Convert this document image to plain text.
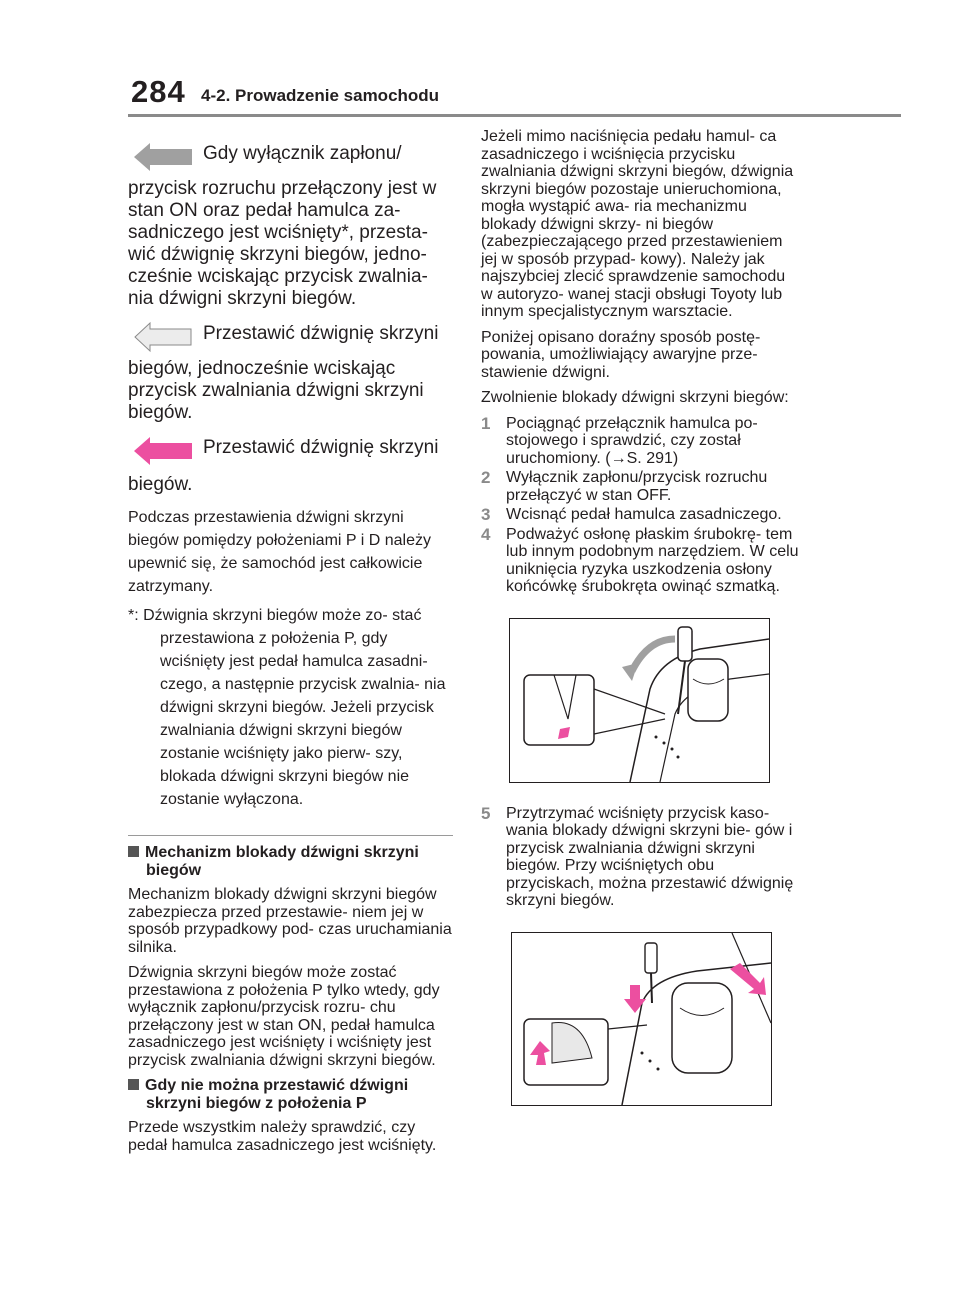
284 4-2. Prowadzenie samochodu
Gdy wyłącznik zapłonu/

przycisk rozruchu przełączony jest w stan ON oraz pedał hamulca za- sadniczego jest wciśnięty*, przesta- wić dźwignię skrzyni biegów, jedno- cześnie wciskając przycisk zwalnia- nia dźwigni skrzyni biegów.

Przestawić dźwignię skrzyni

biegów, jednocześnie wciskając przycisk zwalniania dźwigni skrzyni biegów.

Przestawić dźwignię skrzyni

biegów.

Podczas przestawienia dźwigni skrzyni biegów pomiędzy położeniami P i D należy upewnić się, że samochód jest całkowicie zatrzymany.

*: Dźwignia skrzyni biegów może zo- stać przestawiona z położenia P, gdy wciśnięty jest pedał hamulca zasadni- czego, a następnie przycisk zwalnia- nia dźwigni skrzyni biegów. Jeżeli przycisk zwalniania dźwigni skrzyni biegów zostanie wciśnięty jako pierw- szy, blokada dźwigni skrzyni biegów nie zostanie wyłączona.

Mechanizm blokady dźwigni skrzyni biegów

Mechanizm blokady dźwigni skrzyni biegów zabezpiecza przed przestawie- niem jej w sposób przypadkowy pod- czas uruchamiania silnika.

Dźwignia skrzyni biegów może zostać przestawiona z położenia P tylko wtedy, gdy wyłącznik zapłonu/przycisk rozru- chu przełączony jest w stan ON, pedał hamulca zasadniczego jest wciśnięty i wciśnięty jest przycisk zwalniania dźwigni skrzyni biegów.

Gdy nie można przestawić dźwigni skrzyni biegów z położenia P

Przede wszystkim należy sprawdzić, czy pedał hamulca zasadniczego jest wciśnięty.

Jeżeli mimo naciśnięcia pedału hamul- ca zasadniczego i wciśnięcia przycisku zwalniania dźwigni skrzyni biegów, dźwignia skrzyni biegów pozostaje unieruchomiona, mogła wystąpić awa- ria mechanizmu blokady dźwigni skrzy- ni biegów (zabezpieczającego przed przestawieniem jej w sposób przypad- kowy). Należy jak najszybciej zlecić sprawdzenie samochodu w autoryzo- wanej stacji obsługi Toyoty lub innym specjalistycznym warsztacie.

Poniżej opisano doraźny sposób postę- powania, umożliwiający awaryjne prze- stawienie dźwigni.

Zwolnienie blokady dźwigni skrzyni biegów:

1 Pociągnąć przełącznik hamulca po- stojowego i sprawdzić, czy został uruchomiony. (→S. 291)
2 Wyłącznik zapłonu/przycisk rozruchu przełączyć w stan OFF.
3 Wcisnąć pedał hamulca zasadniczego.
4 Podważyć osłonę płaskim śrubokrę- tem lub innym podobnym narzędziem. W celu uniknięcia ryzyka uszkodzenia osłony końcówkę śrubokręta owinąć szmatką.
5 Przytrzymać wciśnięty przycisk kaso- wania blokady dźwigni skrzyni bie- gów i przycisk zwalniania dźwigni skrzyni biegów. Przy wciśniętych obu przyciskach, można przestawić dźwignię skrzyni biegów.
